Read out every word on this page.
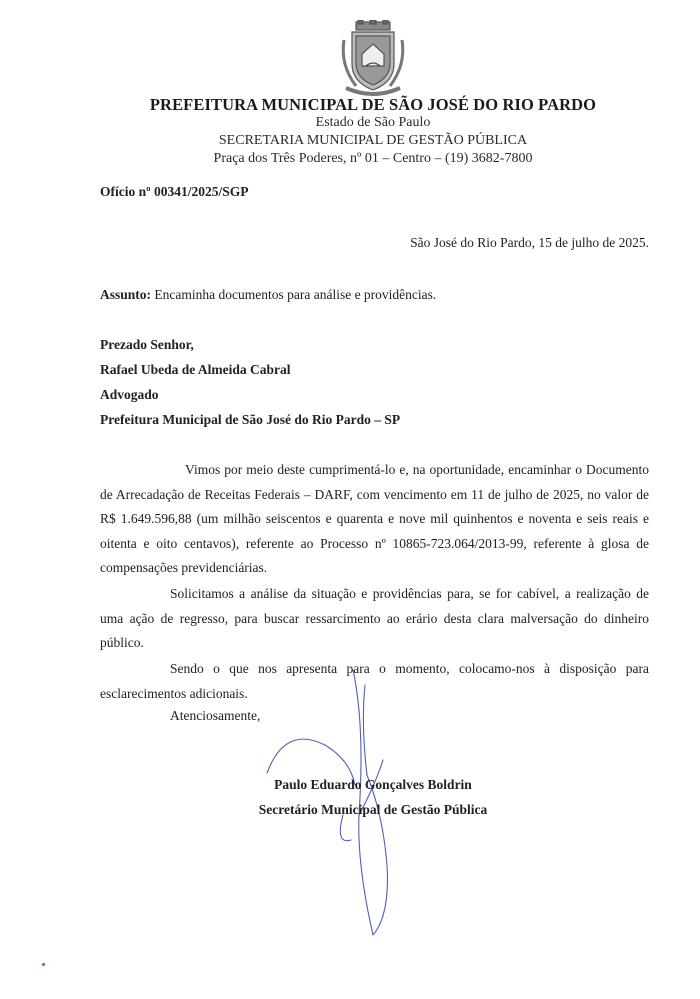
PREFEITURA MUNICIPAL DE SÃO JOSÉ DO RIO PARDO
Estado de São Paulo
SECRETARIA MUNICIPAL DE GESTÃO PÚBLICA
Praça dos Três Poderes, nº 01 – Centro – (19) 3682-7800
Ofício nº 00341/2025/SGP
São José do Rio Pardo, 15 de julho de 2025.
Assunto: Encaminha documentos para análise e providências.
Prezado Senhor,
Rafael Ubeda de Almeida Cabral
Advogado
Prefeitura Municipal de São José do Rio Pardo – SP
Vimos por meio deste cumprimentá-lo e, na oportunidade, encaminhar o Documento de Arrecadação de Receitas Federais – DARF, com vencimento em 11 de julho de 2025, no valor de R$ 1.649.596,88 (um milhão seiscentos e quarenta e nove mil quinhentos e noventa e seis reais e oitenta e oito centavos), referente ao Processo nº 10865-723.064/2013-99, referente à glosa de compensações previdenciárias.
Solicitamos a análise da situação e providências para, se for cabível, a realização de uma ação de regresso, para buscar ressarcimento ao erário desta clara malversação do dinheiro público.
Sendo o que nos apresenta para o momento, colocamo-nos à disposição para esclarecimentos adicionais.
Atenciosamente,
Paulo Eduardo Gonçalves Boldrin
Secretário Municipal de Gestão Pública
